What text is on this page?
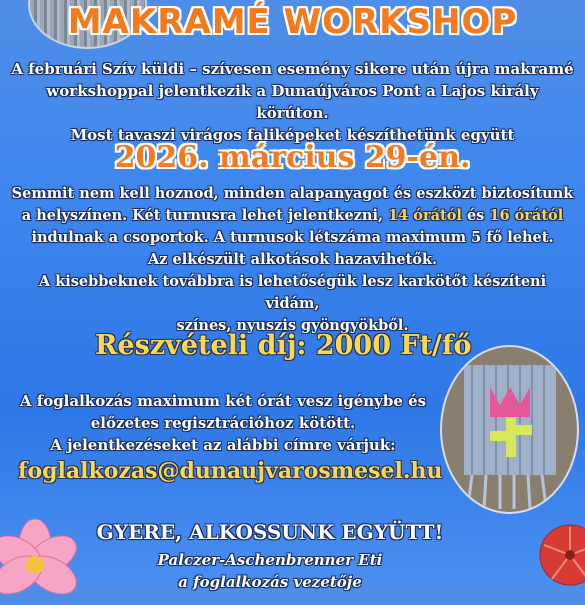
MAKRAMÉ WORKSHOP
A februári Szív küldi – szívesen esemény sikere után újra makramé
workshoppal jelentkezik a Dunaújváros Pont a Lajos király körúton.
Most tavaszi virágos faliképeket készíthetünk együtt
2026. március 29-én.
Semmit nem kell hoznod, minden alapanyagot és eszközt biztosítunk
a helyszínen. Két turnusra lehet jelentkezni, 14 órától és 16 órától
indulnak a csoportok. A turnusok létszáma maximum 5 fő lehet.
Az elkészült alkotások hazavihetők.
A kisebbeknek továbbra is lehetőségük lesz karkötőt készíteni vidám,
színes, nyuszis gyöngyökből.
Részvételi díj: 2000 Ft/fő
A foglalkozás maximum két órát vesz igénybe és
előzetes regisztrációhoz kötött.
A jelentkezéseket az alábbi címre várjuk:
foglalkozas@dunaujvarosmesel.hu
GYERE, ALKOSSUNK EGYÜTT!
Palczer-Aschenbrenner Eti
a foglalkozás vezetője
